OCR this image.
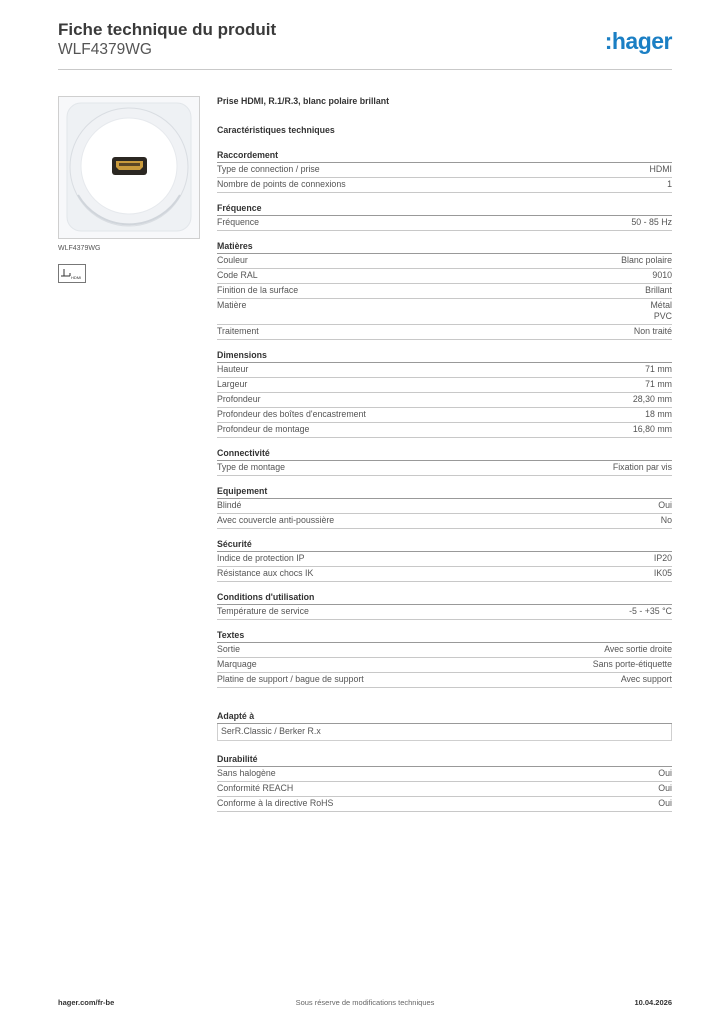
Fiche technique du produit
WLF4379WG	:hager
WLF4379WG
HDMI
Prise HDMI, R.1/R.3, blanc polaire brillant
Caractéristiques techniques
Raccordement
Type de connection / prise	HDMI
Nombre de points de connexions	1
Fréquence
Fréquence	50 - 85 Hz
Matières
Couleur	Blanc polaire
Code RAL	9010
Finition de la surface	Brillant
Matière	Métal
PVC
Traitement	Non traité
Dimensions
Hauteur	71 mm
Largeur	71 mm
Profondeur	28,30 mm
Profondeur des boîtes d'encastrement	18 mm
Profondeur de montage	16,80 mm
Connectivité
Type de montage	Fixation par vis
Equipement
Blindé	Oui
Avec couvercle anti-poussière	No
Sécurité
Indice de protection IP	IP20
Résistance aux chocs IK	IK05
Conditions d'utilisation
Température de service	-5 - +35 °C
Textes
Sortie	Avec sortie droite
Marquage	Sans porte-étiquette
Platine de support / bague de support	Avec support
Adapté à
SerR.Classic / Berker R.x
Durabilité
Sans halogène	Oui
Conformité REACH	Oui
Conforme à la directive RoHS	Oui
hager.com/fr-be	Sous réserve de modifications techniques	10.04.2026
